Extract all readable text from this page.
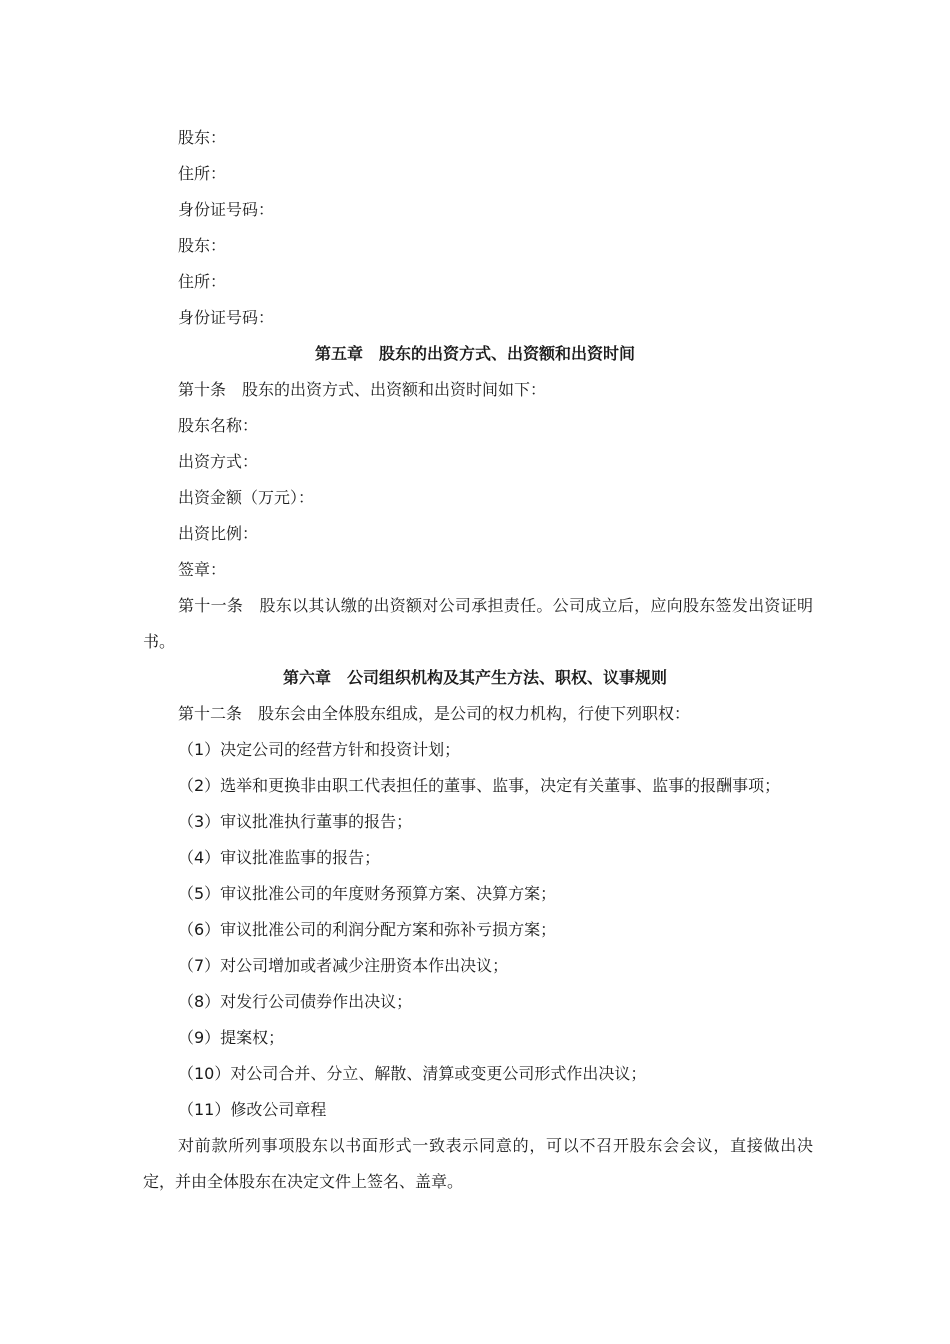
股东：
住所：
身份证号码：
股东：
住所：
身份证号码：
第五章　股东的出资方式、出资额和出资时间
第十条　股东的出资方式、出资额和出资时间如下：
股东名称：
出资方式：
出资金额（万元）：
出资比例：
签章：
第十一条　股东以其认缴的出资额对公司承担责任。公司成立后，应向股东签发出资证明书。
第六章　公司组织机构及其产生方法、职权、议事规则
第十二条　股东会由全体股东组成，是公司的权力机构，行使下列职权：
（1）决定公司的经营方针和投资计划；
（2）选举和更换非由职工代表担任的董事、监事，决定有关董事、监事的报酬事项；
（3）审议批准执行董事的报告；
（4）审议批准监事的报告；
（5）审议批准公司的年度财务预算方案、决算方案；
（6）审议批准公司的利润分配方案和弥补亏损方案；
（7）对公司增加或者减少注册资本作出决议；
（8）对发行公司债券作出决议；
（9）提案权；
（10）对公司合并、分立、解散、清算或变更公司形式作出决议；
（11）修改公司章程
对前款所列事项股东以书面形式一致表示同意的，可以不召开股东会会议，直接做出决定，并由全体股东在决定文件上签名、盖章。
